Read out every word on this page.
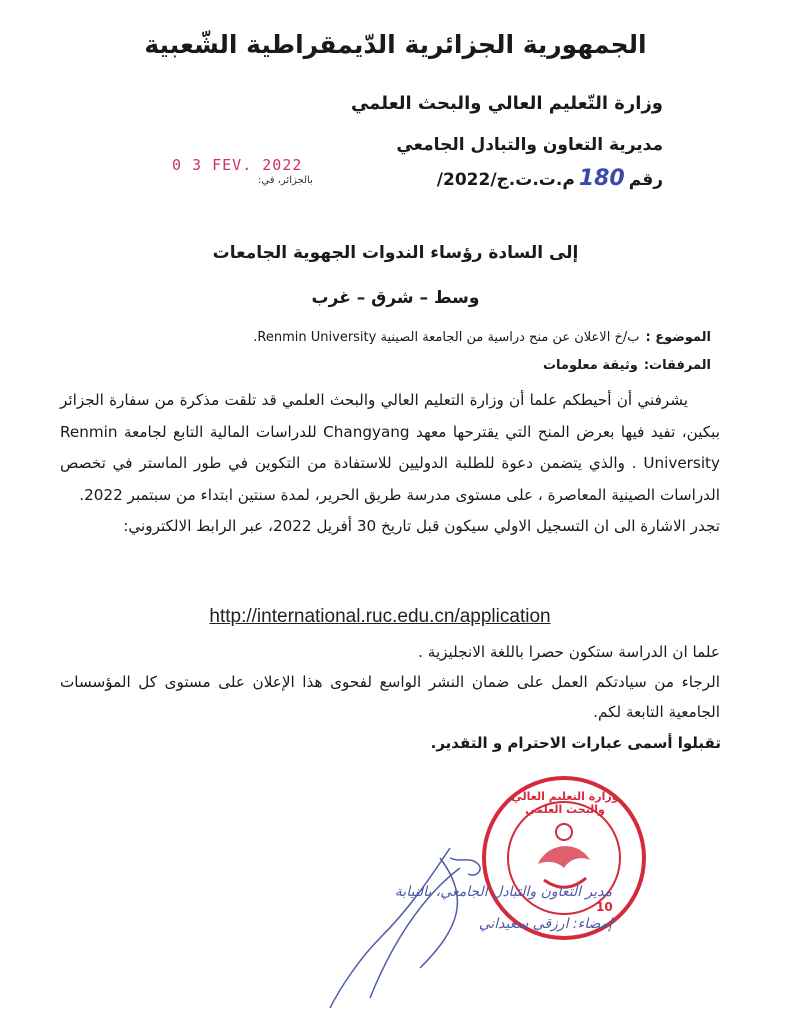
الجمهورية الجزائرية الدّيمقراطية الشّعبية
وزارة التّعليم العالي والبحث العلمي
مديرية التعاون والتبادل الجامعي
رقم
180
/م.ت.ت.ج/2022
0 3 FEV. 2022
بالجزائر، في:
إلى السادة رؤساء الندوات الجهوية الجامعات
وسط – شرق – غرب
الموضوع :
ب/خ الاعلان عن منح دراسية من الجامعة الصينية Renmin University.
المرفقات:
وثيقة معلومات
يشرفني أن أحيطكم علما أن وزارة التعليم العالي والبحث العلمي قد تلقت مذكرة من سفارة الجزائر ببكين، تفيد فيها بعرض المنح التي يقترحها معهد Changyang للدراسات المالية التابع لجامعة Renmin University . والذي يتضمن دعوة للطلبة الدوليين للاستفادة من التكوين في طور الماستر في تخصص الدراسات الصينية المعاصرة ، على مستوى مدرسة طريق الحرير، لمدة سنتين ابتداء من سبتمبر 2022.
تجدر الاشارة الى ان التسجيل الاولي سيكون قبل تاريخ 30 أفريل 2022، عبر الرابط الالكتروني:
http://international.ruc.edu.cn/application
علما ان الدراسة ستكون حصرا باللغة الانجليزية .
الرجاء من سيادتكم العمل على ضمان النشر الواسع لفحوى هذا الإعلان على مستوى كل المؤسسات الجامعية التابعة لكم.
تقبلوا أسمى عبارات الاحترام و التقدير.
وزارة التعليم العالي والبحث العلمي
10
مدير التعاون والتبادل الجامعي، بالنيابة
إمضاء: ارزقي سعيداني
